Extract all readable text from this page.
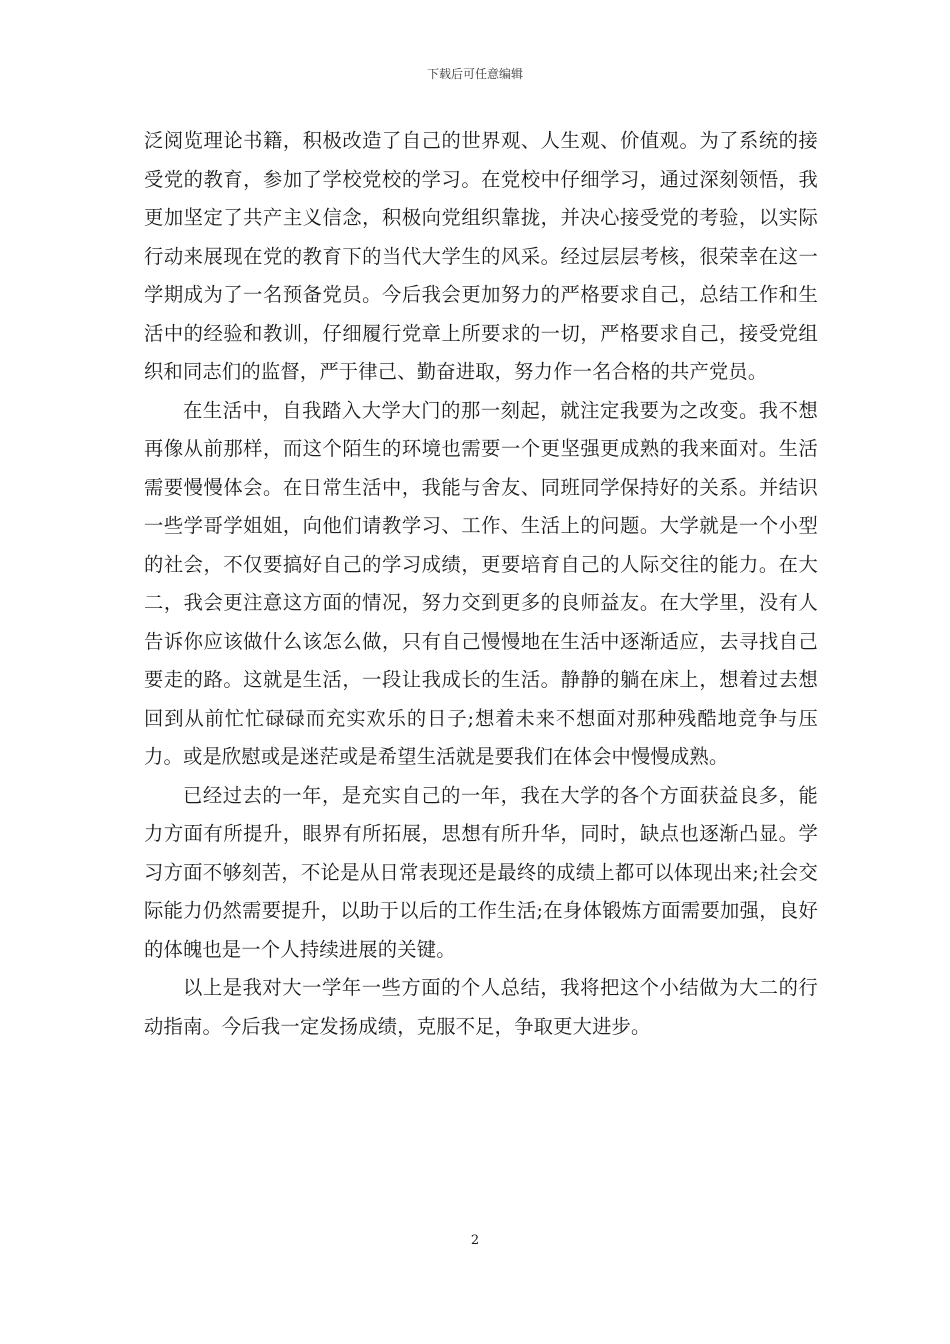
下载后可任意编辑

泛阅览理论书籍，积极改造了自己的世界观、人生观、价值观。为了系统的接受党的教育，参加了学校党校的学习。在党校中仔细学习，通过深刻领悟，我更加坚定了共产主义信念，积极向党组织靠拢，并决心接受党的考验，以实际行动来展现在党的教育下的当代大学生的风采。经过层层考核，很荣幸在这一学期成为了一名预备党员。今后我会更加努力的严格要求自己，总结工作和生活中的经验和教训，仔细履行党章上所要求的一切，严格要求自己，接受党组织和同志们的监督，严于律己、勤奋进取，努力作一名合格的共产党员。

在生活中，自我踏入大学大门的那一刻起，就注定我要为之改变。我不想再像从前那样，而这个陌生的环境也需要一个更坚强更成熟的我来面对。生活需要慢慢体会。在日常生活中，我能与舍友、同班同学保持好的关系。并结识一些学哥学姐姐，向他们请教学习、工作、生活上的问题。大学就是一个小型的社会，不仅要搞好自己的学习成绩，更要培育自己的人际交往的能力。在大二，我会更注意这方面的情况，努力交到更多的良师益友。在大学里，没有人告诉你应该做什么该怎么做，只有自己慢慢地在生活中逐渐适应，去寻找自己要走的路。这就是生活，一段让我成长的生活。静静的躺在床上，想着过去想回到从前忙忙碌碌而充实欢乐的日子;想着未来不想面对那种残酷地竞争与压力。或是欣慰或是迷茫或是希望生活就是要我们在体会中慢慢成熟。

已经过去的一年，是充实自己的一年，我在大学的各个方面获益良多，能力方面有所提升，眼界有所拓展，思想有所升华，同时，缺点也逐渐凸显。学习方面不够刻苦，不论是从日常表现还是最终的成绩上都可以体现出来;社会交际能力仍然需要提升，以助于以后的工作生活;在身体锻炼方面需要加强，良好的体魄也是一个人持续进展的关键。

以上是我对大一学年一些方面的个人总结，我将把这个小结做为大二的行动指南。今后我一定发扬成绩，克服不足，争取更大进步。

2
